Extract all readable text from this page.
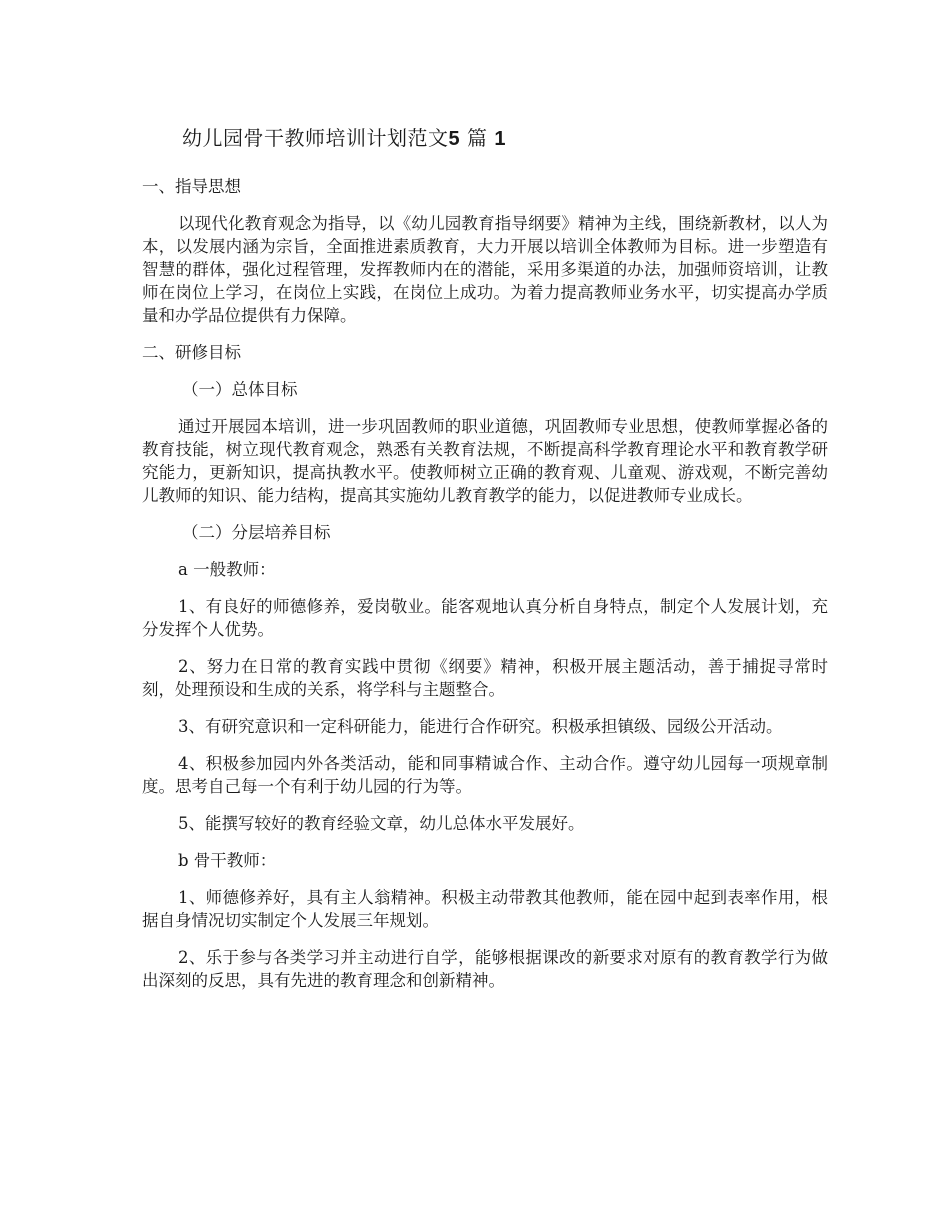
幼儿园骨干教师培训计划范文5 篇 1
一、指导思想
以现代化教育观念为指导，以《幼儿园教育指导纲要》精神为主线，围绕新教材，以人为本，以发展内涵为宗旨，全面推进素质教育，大力开展以培训全体教师为目标。进一步塑造有智慧的群体，强化过程管理，发挥教师内在的潜能，采用多渠道的办法，加强师资培训，让教师在岗位上学习，在岗位上实践，在岗位上成功。为着力提高教师业务水平，切实提高办学质量和办学品位提供有力保障。
二、研修目标
（一）总体目标
通过开展园本培训，进一步巩固教师的职业道德，巩固教师专业思想，使教师掌握必备的教育技能，树立现代教育观念，熟悉有关教育法规，不断提高科学教育理论水平和教育教学研究能力，更新知识，提高执教水平。使教师树立正确的教育观、儿童观、游戏观，不断完善幼儿教师的知识、能力结构，提高其实施幼儿教育教学的能力，以促进教师专业成长。
（二）分层培养目标
a 一般教师：
1、有良好的师德修养，爱岗敬业。能客观地认真分析自身特点，制定个人发展计划，充分发挥个人优势。
2、努力在日常的教育实践中贯彻《纲要》精神，积极开展主题活动，善于捕捉寻常时刻，处理预设和生成的关系，将学科与主题整合。
3、有研究意识和一定科研能力，能进行合作研究。积极承担镇级、园级公开活动。
4、积极参加园内外各类活动，能和同事精诚合作、主动合作。遵守幼儿园每一项规章制度。思考自己每一个有利于幼儿园的行为等。
5、能撰写较好的教育经验文章，幼儿总体水平发展好。
b 骨干教师：
1、师德修养好，具有主人翁精神。积极主动带教其他教师，能在园中起到表率作用，根据自身情况切实制定个人发展三年规划。
2、乐于参与各类学习并主动进行自学，能够根据课改的新要求对原有的教育教学行为做出深刻的反思，具有先进的教育理念和创新精神。
